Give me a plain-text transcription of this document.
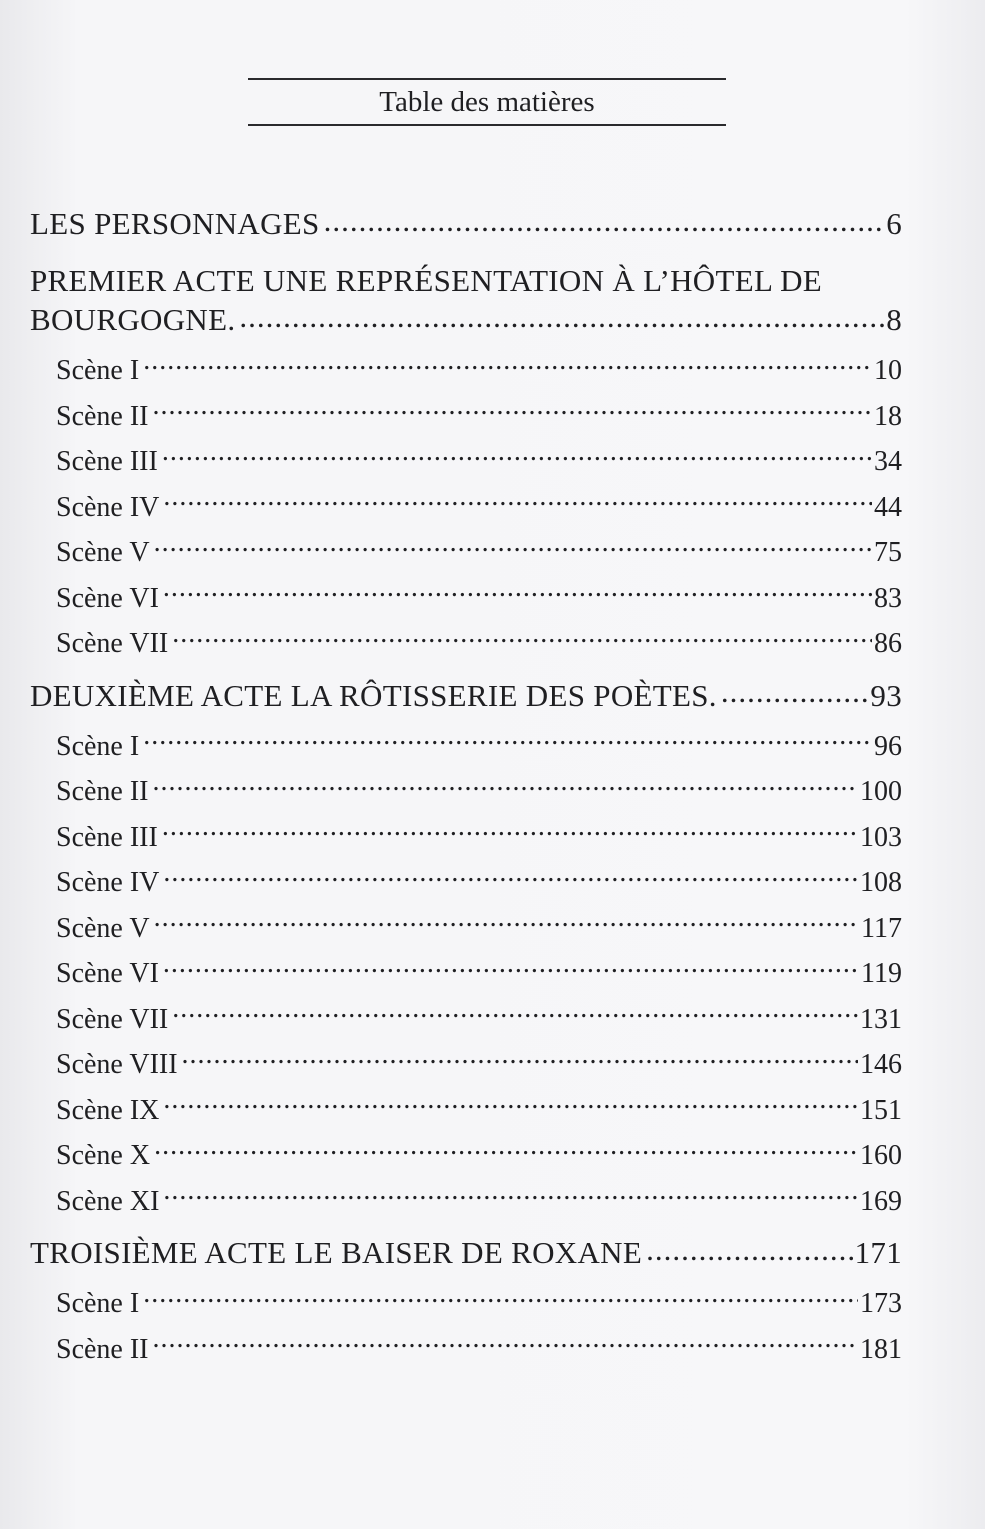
Table des matières
LES PERSONNAGES .....	6
PREMIER ACTE UNE REPRÉSENTATION À L’HÔTEL DE
BOURGOGNE. .....	8
Scène I .....	10
Scène II .....	18
Scène III .....	34
Scène IV .....	44
Scène V .....	75
Scène VI .....	83
Scène VII .....	86
DEUXIÈME ACTE LA RÔTISSERIE DES POÈTES. .....	93
Scène I .....	96
Scène II .....	100
Scène III .....	103
Scène IV .....	108
Scène V .....	117
Scène VI .....	119
Scène VII .....	131
Scène VIII .....	146
Scène IX .....	151
Scène X .....	160
Scène XI .....	169
TROISIÈME ACTE LE BAISER DE ROXANE .....	171
Scène I .....	173
Scène II .....	181
